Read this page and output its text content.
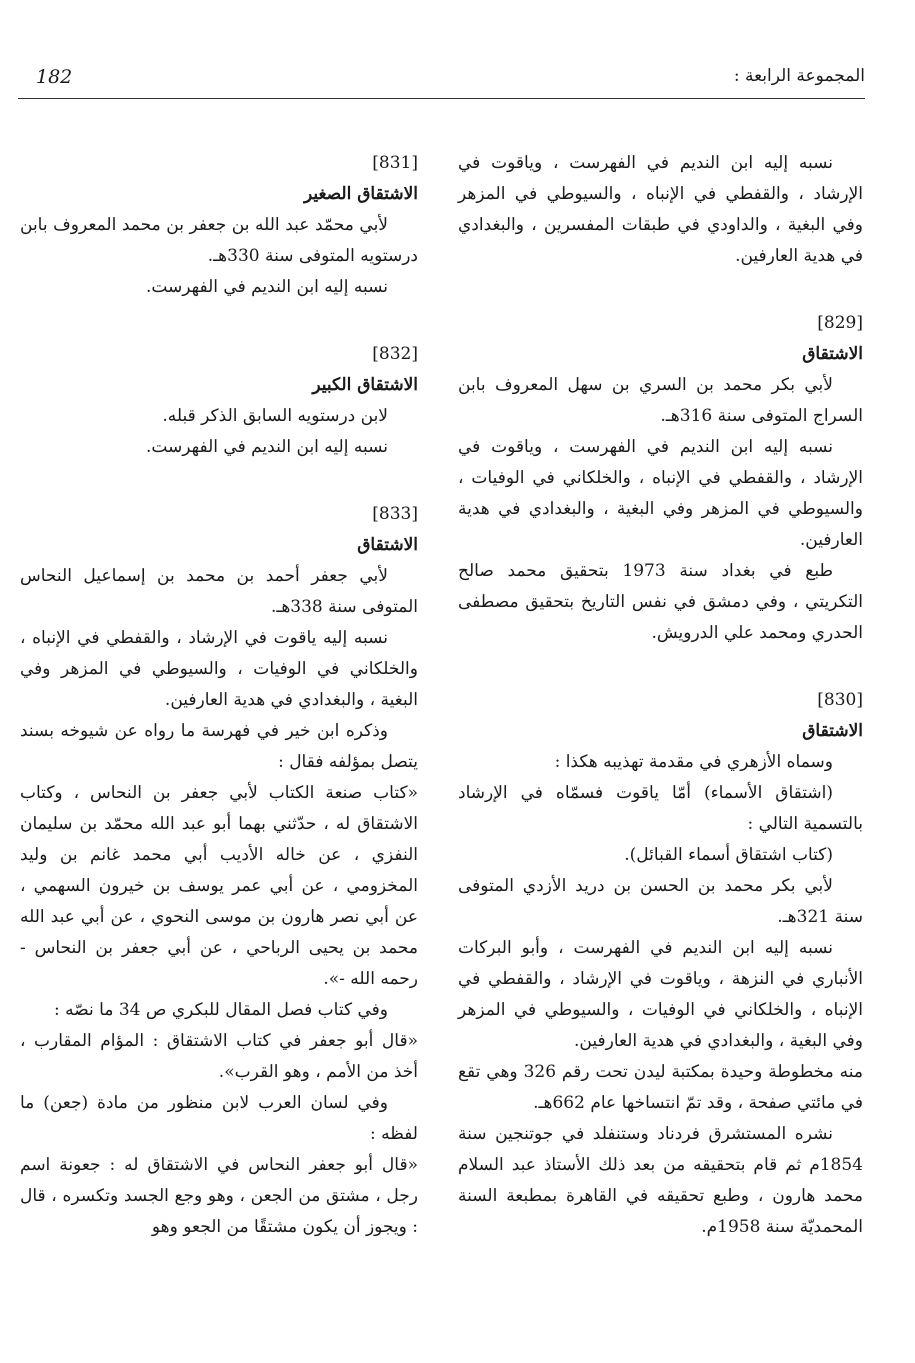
182	المجموعة الرابعة :

نسبه إليه ابن النديم في الفهرست ، وياقوت في الإرشاد ، والقفطي في الإنباه ، والسيوطي في المزهر وفي البغية ، والداودي في طبقات المفسرين ، والبغدادي في هدية العارفين.

[829]

الاشتقاق

لأبي بكر محمد بن السري بن سهل المعروف بابن السراج المتوفى سنة 316هـ.

نسبه إليه ابن النديم في الفهرست ، وياقوت في الإرشاد ، والقفطي في الإنباه ، والخلكاني في الوفيات ، والسيوطي في المزهر وفي البغية ، والبغدادي في هدية العارفين.

طبع في بغداد سنة 1973 بتحقيق محمد صالح التكريتي ، وفي دمشق في نفس التاريخ بتحقيق مصطفى الحدري ومحمد علي الدرويش.

[830]

الاشتقاق

وسماه الأزهري في مقدمة تهذيبه هكذا :

(اشتقاق الأسماء) أمّا ياقوت فسمّاه في الإرشاد بالتسمية التالي :

(كتاب اشتقاق أسماء القبائل).

لأبي بكر محمد بن الحسن بن دريد الأزدي المتوفى سنة 321هـ.

نسبه إليه ابن النديم في الفهرست ، وأبو البركات الأنباري في النزهة ، وياقوت في الإرشاد ، والقفطي في الإنباه ، والخلكاني في الوفيات ، والسيوطي في المزهر وفي البغية ، والبغدادي في هدية العارفين.

منه مخطوطة وحيدة بمكتبة ليدن تحت رقم 326 وهي تقع في مائتي صفحة ، وقد تمّ انتساخها عام 662هـ.

نشره المستشرق فردناد وستنفلد في جوتنجين سنة 1854م ثم قام بتحقيقه من بعد ذلك الأستاذ عبد السلام محمد هارون ، وطبع تحقيقه في القاهرة بمطبعة السنة المحمديّة سنة 1958م.

[831]

الاشتقاق الصغير

لأبي محمّد عبد الله بن جعفر بن محمد المعروف بابن درستويه المتوفى سنة 330هـ.

نسبه إليه ابن النديم في الفهرست.

[832]

الاشتقاق الكبير

لابن درستويه السابق الذكر قبله.

نسبه إليه ابن النديم في الفهرست.

[833]

الاشتقاق

لأبي جعفر أحمد بن محمد بن إسماعيل النحاس المتوفى سنة 338هـ.

نسبه إليه ياقوت في الإرشاد ، والقفطي في الإنباه ، والخلكاني في الوفيات ، والسيوطي في المزهر وفي البغية ، والبغدادي في هدية العارفين.

وذكره ابن خير في فهرسة ما رواه عن شيوخه بسند يتصل بمؤلفه فقال :

«كتاب صنعة الكتاب لأبي جعفر بن النحاس ، وكتاب الاشتقاق له ، حدّثني بهما أبو عبد الله محمّد بن سليمان النفزي ، عن خاله الأديب أبي محمد غانم بن وليد المخزومي ، عن أبي عمر يوسف بن خيرون السهمي ، عن أبي نصر هارون بن موسى النحوي ، عن أبي عبد الله محمد بن يحيى الرباحي ، عن أبي جعفر بن النحاس - رحمه الله -».

وفي كتاب فصل المقال للبكري ص 34 ما نصّه :

«قال أبو جعفر في كتاب الاشتقاق : المؤام المقارب ، أخذ من الأمم ، وهو القرب».

وفي لسان العرب لابن منظور من مادة (جعن) ما لفظه :

«قال أبو جعفر النحاس في الاشتقاق له : جعونة اسم رجل ، مشتق من الجعن ، وهو وجع الجسد وتكسره ، قال : ويجوز أن يكون مشتقًا من الجعو وهو
